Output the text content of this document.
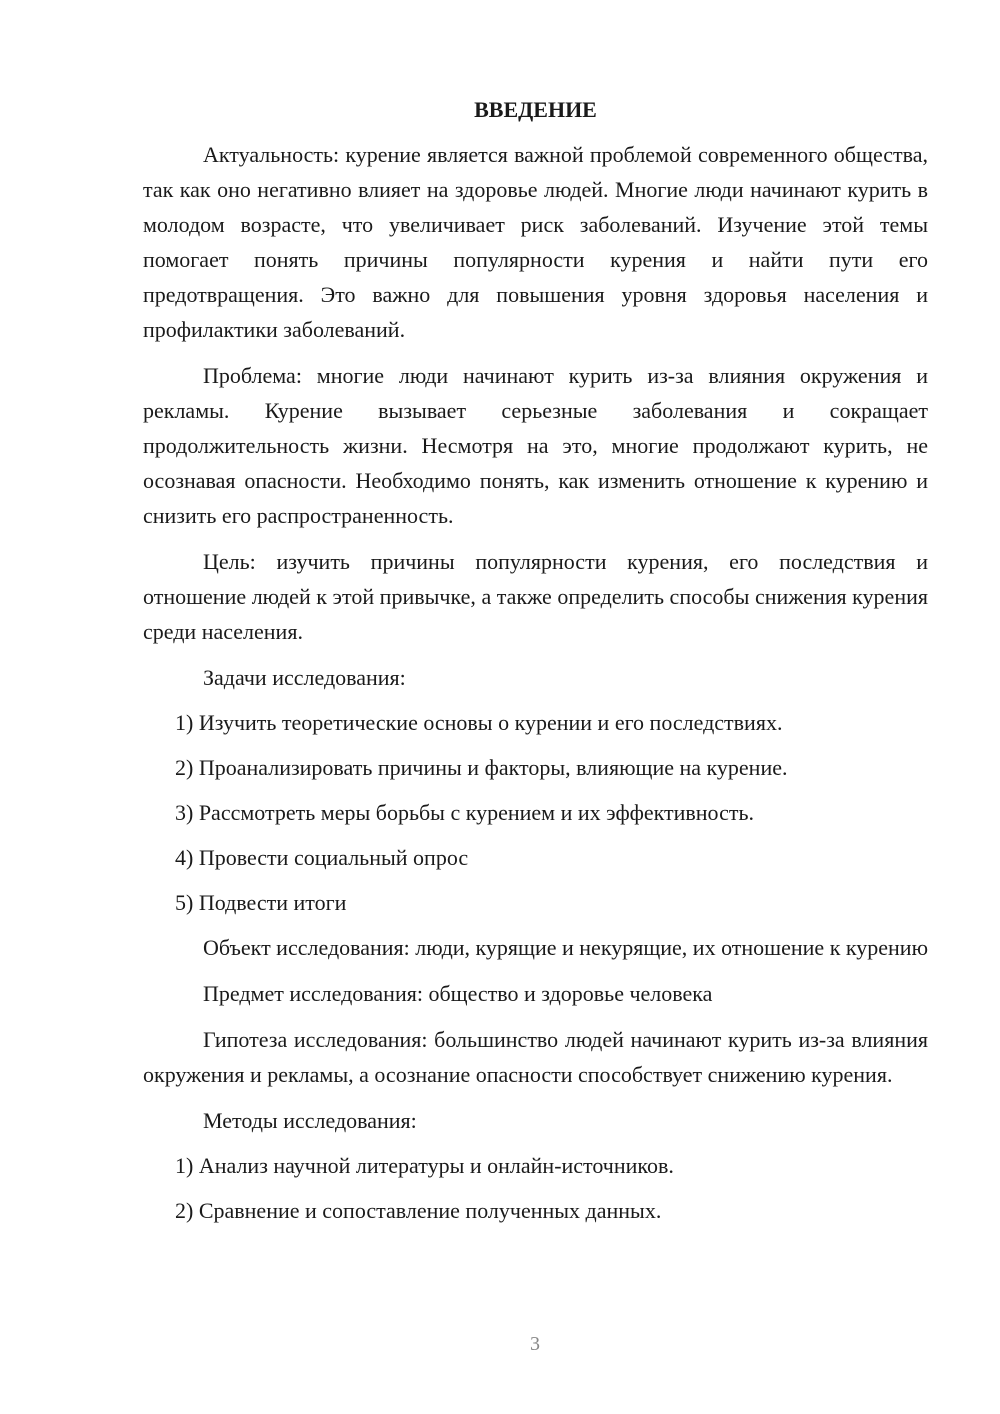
ВВЕДЕНИЕ

Актуальность: курение является важной проблемой современного общества, так как оно негативно влияет на здоровье людей. Многие люди начинают курить в молодом возрасте, что увеличивает риск заболеваний. Изучение этой темы помогает понять причины популярности курения и найти пути его предотвращения. Это важно для повышения уровня здоровья населения и профилактики заболеваний.

Проблема: многие люди начинают курить из-за влияния окружения и рекламы. Курение вызывает серьезные заболевания и сокращает продолжительность жизни. Несмотря на это, многие продолжают курить, не осознавая опасности. Необходимо понять, как изменить отношение к курению и снизить его распространенность.

Цель: изучить причины популярности курения, его последствия и отношение людей к этой привычке, а также определить способы снижения курения среди населения.

Задачи исследования:

1) Изучить теоретические основы о курении и его последствиях.
2) Проанализировать причины и факторы, влияющие на курение.
3) Рассмотреть меры борьбы с курением и их эффективность.
4) Провести социальный опрос
5) Подвести итоги

Объект исследования: люди, курящие и некурящие, их отношение к курению

Предмет исследования: общество и здоровье человека

Гипотеза исследования: большинство людей начинают курить из-за влияния окружения и рекламы, а осознание опасности способствует снижению курения.

Методы исследования:

1) Анализ научной литературы и онлайн-источников.
2) Сравнение и сопоставление полученных данных.
3
